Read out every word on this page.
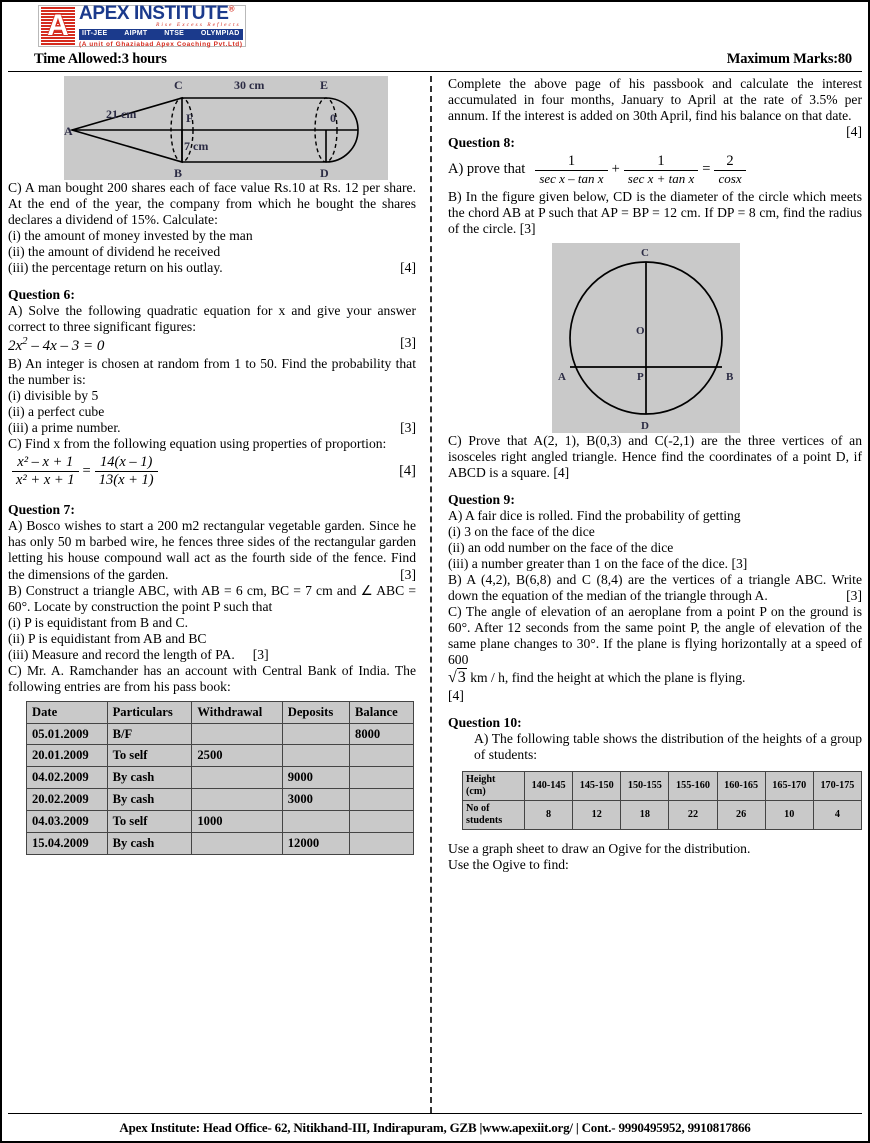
A APEX INSTITUTE®
Rise Excess Reflects
IIT-JEE AIPMT NTSE OLYMPIAD
(A unit of Ghaziabad Apex Coaching Pvt.Ltd)
Time Allowed:3 hours	Maximum Marks:80
A
B
C
D
E
F	0
21 cm
30 cm
7 cm

C) A man bought 200 shares each of face value Rs.10 at Rs. 12 per share. At the end of the year, the company from which he bought the shares declares a dividend of 15%. Calculate:

(i) the amount of money invested by the man

(ii) the amount of dividend he received

(iii) the percentage return on his outlay.	[4]

Question 6:

A) Solve the following quadratic equation for x and give your answer correct to three significant figures:

$2x^2 - 4x - 3 = 0$	[3]

B) An integer is chosen at random from 1 to 50. Find the probability that the number is:

(i) divisible by 5

(ii) a perfect cube

(iii) a prime number.	[3]

C) Find x from the following equation using properties of proportion:

$\frac{\text{x² – x + 1}}{\text{x² + x + 1}} = \frac{14(x - 1)}{13(x + 1)}$	[4]

Question 7:

A) Bosco wishes to start a 200 m2 rectangular vegetable garden. Since he has only 50 m barbed wire, he fences three sides of the rectangular garden letting his house compound wall act as the fourth side of the fence. Find the dimensions of the garden.	[3]

B) Construct a triangle ABC, with AB = 6 cm, BC = 7 cm and ∠ ABC = 60°. Locate by construction the point P such that

(i) P is equidistant from B and C.

(ii) P is equidistant from AB and BC

(iii) Measure and record the length of PA. [3]

C) Mr. A. Ramchander has an account with Central Bank of India. The following entries are from his pass book:

Date	Particulars	Withdrawal	Deposits	Balance
05.01.2009	B/F			8000
20.01.2009	To self	2500		
04.02.2009	By cash		9000	
20.02.2009	By cash		3000	
04.03.2009	To self	1000		
15.04.2009	By cash		12000	

Complete the above page of his passbook and calculate the interest accumulated in four months, January to April at the rate of 3.5% per annum. If the interest is added on 30th April, find his balance on that date.
[4]

Question 8:

A) prove that $\frac{1}{\text{sec x – tan x}} + \frac{1}{\text{sec x + tan x}} = \frac{2}{\cos x}$

B) In the figure given below, CD is the diameter of the circle which meets the chord AB at P such that AP = BP = 12 cm. If DP = 8 cm, find the radius of the circle. [3]

C
D
A	B
O
P

C) Prove that A(2, 1), B(0,3) and C(-2,1) are the three vertices of an isosceles right angled triangle. Hence find the coordinates of a point D, if ABCD is a square. [4]

Question 9:

A) A fair dice is rolled. Find the probability of getting

(i) 3 on the face of the dice

(ii) an odd number on the face of the dice

(iii) a number greater than 1 on the face of the dice. [3]

B) A (4,2), B(6,8) and C (8,4) are the vertices of a triangle ABC. Write down the equation of the median of the triangle through A.	[3]

C) The angle of elevation of an aeroplane from a point P on the ground is 60°. After 12 seconds from the same point P, the angle of elevation of the same plane changes to 30°. If the plane is flying horizontally at a speed of 600

√3 km / h, find the height at which the plane is flying.

[4]

Question 10:

A) The following table shows the distribution of the heights of a group of students:

Height
(cm)	140-145	145-150	150-155	155-160	160-165	165-170	170-175
No of
students	8	12	18	22	26	10	4

Use a graph sheet to draw an Ogive for the distribution.

Use the Ogive to find:

Apex Institute: Head Office- 62, Nitikhand-III, Indirapuram, GZB |www.apexiit.org/ | Cont.- 9990495952, 9910817866
